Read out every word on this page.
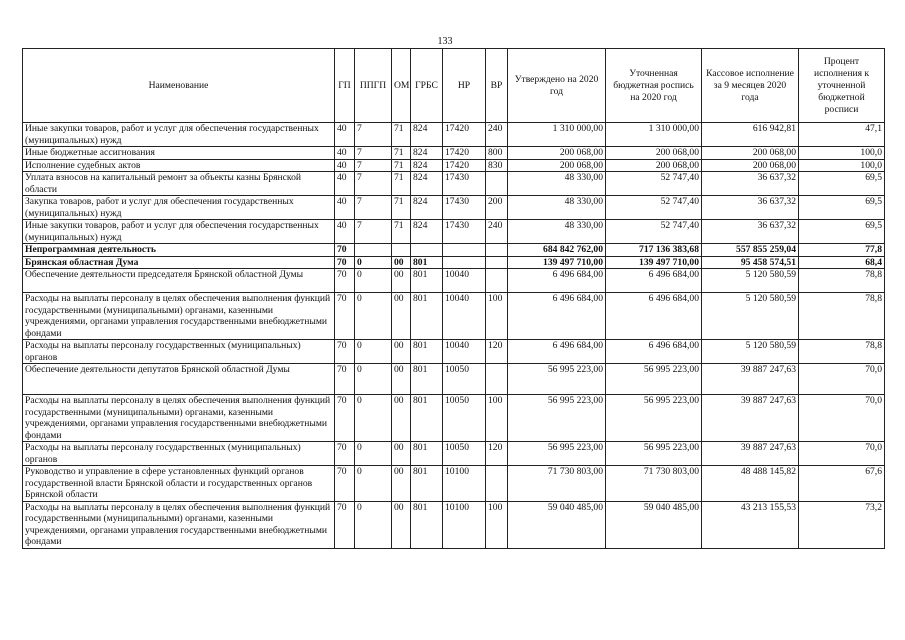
133
Наименование	ГП	ППГП	ОМ	ГРБС	НР	ВР	Утверждено на 2020 год	Уточненная бюджетная роспись на 2020 год	Кассовое исполнение за 9 месяцев 2020 года	Процент исполнения к уточненной бюджетной росписи
Иные закупки товаров, работ и услуг для обеспечения государственных (муниципальных) нужд	40	7	71	824	17420	240	1 310 000,00	1 310 000,00	616 942,81	47,1
Иные бюджетные ассигнования	40	7	71	824	17420	800	200 068,00	200 068,00	200 068,00	100,0
Исполнение судебных актов	40	7	71	824	17420	830	200 068,00	200 068,00	200 068,00	100,0
Уплата взносов на капитальный ремонт за объекты казны Брянской области	40	7	71	824	17430		48 330,00	52 747,40	36 637,32	69,5
Закупка товаров, работ и услуг для обеспечения государственных (муниципальных) нужд	40	7	71	824	17430	200	48 330,00	52 747,40	36 637,32	69,5
Иные закупки товаров, работ и услуг для обеспечения государственных (муниципальных) нужд	40	7	71	824	17430	240	48 330,00	52 747,40	36 637,32	69,5
Непрограммная деятельность	70						684 842 762,00	717 136 383,68	557 855 259,04	77,8
Брянская областная Дума	70	0	00	801			139 497 710,00	139 497 710,00	95 458 574,51	68,4
Обеспечение деятельности председателя Брянской областной Думы	70	0	00	801	10040		6 496 684,00	6 496 684,00	5 120 580,59	78,8
Расходы на выплаты персоналу в целях обеспечения выполнения функций государственными (муниципальными) органами, казенными учреждениями, органами управления государственными внебюджетными фондами	70	0	00	801	10040	100	6 496 684,00	6 496 684,00	5 120 580,59	78,8
Расходы на выплаты персоналу государственных (муниципальных) органов	70	0	00	801	10040	120	6 496 684,00	6 496 684,00	5 120 580,59	78,8
Обеспечение деятельности депутатов Брянской областной Думы	70	0	00	801	10050		56 995 223,00	56 995 223,00	39 887 247,63	70,0
Расходы на выплаты персоналу в целях обеспечения выполнения функций государственными (муниципальными) органами, казенными учреждениями, органами управления государственными внебюджетными фондами	70	0	00	801	10050	100	56 995 223,00	56 995 223,00	39 887 247,63	70,0
Расходы на выплаты персоналу государственных (муниципальных) органов	70	0	00	801	10050	120	56 995 223,00	56 995 223,00	39 887 247,63	70,0
Руководство и управление в сфере установленных функций органов государственной власти Брянской области и государственных органов Брянской области	70	0	00	801	10100		71 730 803,00	71 730 803,00	48 488 145,82	67,6
Расходы на выплаты персоналу в целях обеспечения выполнения функций государственными (муниципальными) органами, казенными учреждениями, органами управления государственными внебюджетными фондами	70	0	00	801	10100	100	59 040 485,00	59 040 485,00	43 213 155,53	73,2
